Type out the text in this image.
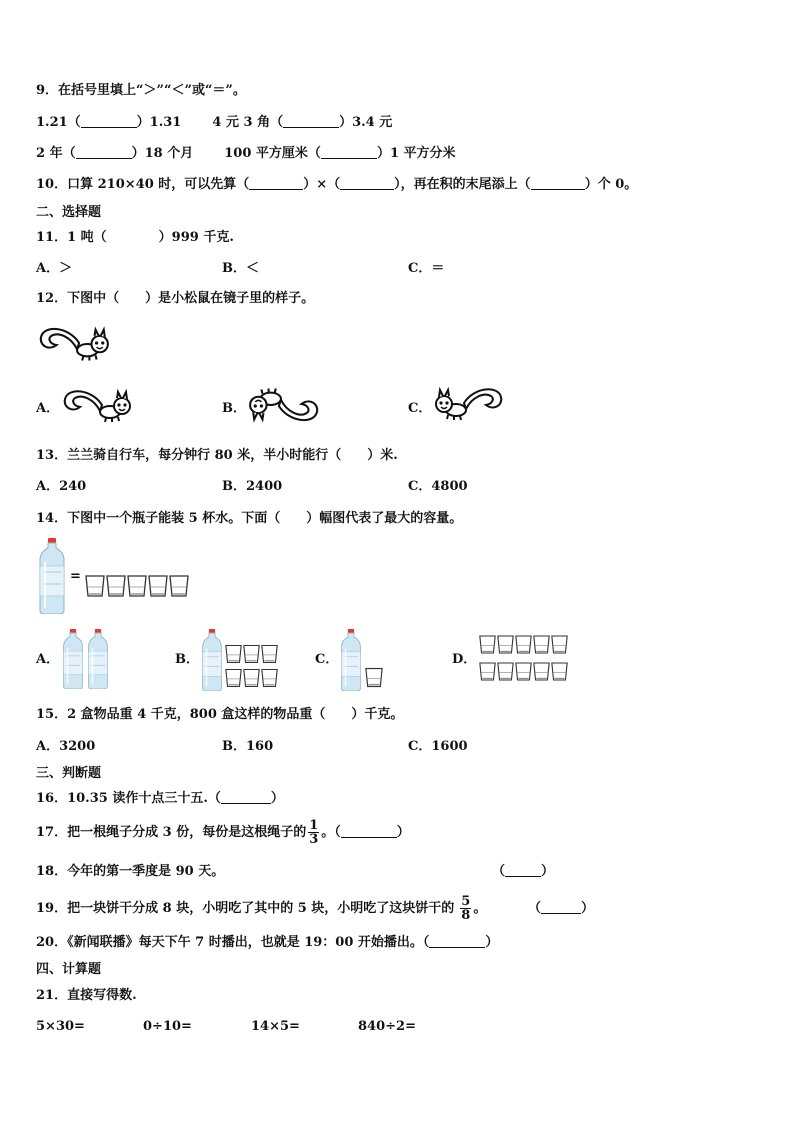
9．在括号里填上“＞”“＜”或“＝”。
1.21（	）1.31 4 元 3 角（	）3.4 元
2 年（	）18 个月 100 平方厘米（	）1 平方分米
10．口算 210×40 时，可以先算（	）×（	），再在积的末尾添上（	）个 0。
二、选择题
11．1 吨（　　　　）999 千克.
A．＞	B．＜	C．＝
12．下图中（　　）是小松鼠在镜子里的样子。
A．	B．	C．
13．兰兰骑自行车，每分钟行 80 米，半小时能行（　　）米.
A．240	B．2400	C．4800
14．下图中一个瓶子能装 5 杯水。下面（　　）幅图代表了最大的容量。
=
A．	B．	C．	D．
15．2 盒物品重 4 千克，800 盒这样的物品重（　　）千克。
A．3200	B．160	C．1600
三、判断题
16．10.35 读作十点三十五.（	）
17．把一根绳子分成 3 份，每份是这根绳子的 $\frac{1}{3}$ 。（	）
18．今年的第一季度是 90 天。	（	）
19．把一块饼干分成 8 块，小明吃了其中的 5 块，小明吃了这块饼干的 $\frac{5}{8}$ 。	（	）
20．《新闻联播》每天下午 7 时播出，也就是 19：00 开始播出。（	）
四、计算题
21．直接写得数.
5×30=	0÷10=	14×5=	840÷2=
